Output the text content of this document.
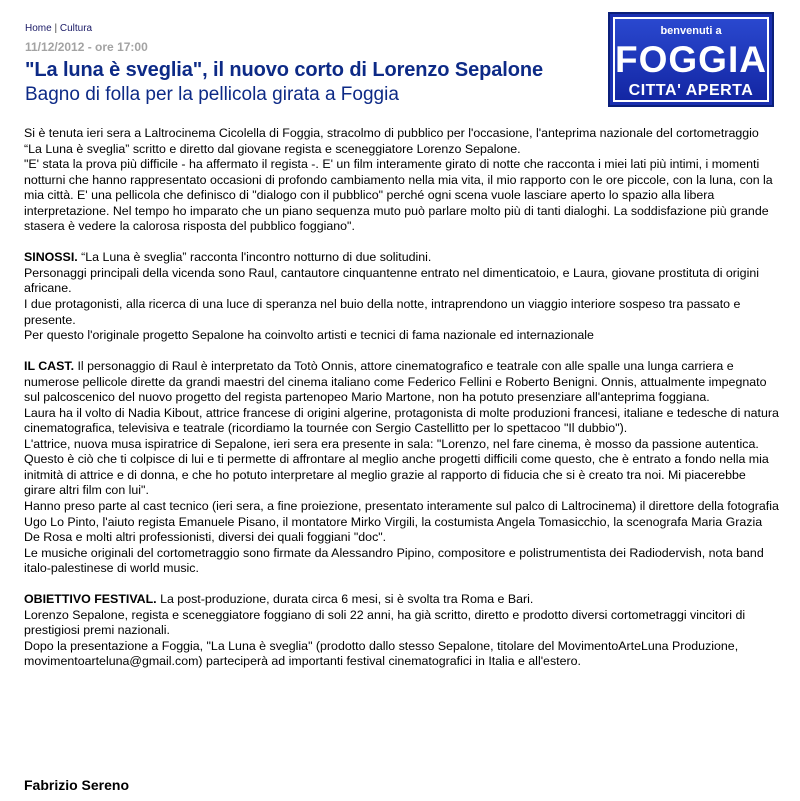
Home | Cultura
11/12/2012 - ore 17:00
"La luna è sveglia", il nuovo corto di Lorenzo Sepalone
Bagno di folla per la pellicola girata a Foggia
benvenuti a
FOGGIA
CITTA' APERTA

Si è tenuta ieri sera a Laltrocinema Cicolella di Foggia, stracolmo di pubblico per l'occasione, l'anteprima nazionale del cortometraggio “La Luna è sveglia” scritto e diretto dal giovane regista e sceneggiatore Lorenzo Sepalone.
"E' stata la prova più difficile - ha affermato il regista -. E' un film interamente girato di notte che racconta i miei lati più intimi, i momenti notturni che hanno rappresentato occasioni di profondo cambiamento nella mia vita, il mio rapporto con le ore piccole, con la luna, con la mia città. E' una pellicola che definisco di "dialogo con il pubblico" perché ogni scena vuole lasciare aperto lo spazio alla libera interpretazione. Nel tempo ho imparato che un piano sequenza muto può parlare molto più di tanti dialoghi. La soddisfazione più grande stasera è vedere la calorosa risposta del pubblico foggiano".

SINOSSI. “La Luna è sveglia” racconta l'incontro notturno di due solitudini.
Personaggi principali della vicenda sono Raul, cantautore cinquantenne entrato nel dimenticatoio, e Laura, giovane prostituta di origini africane.
I due protagonisti, alla ricerca di una luce di speranza nel buio della notte, intraprendono un viaggio interiore sospeso tra passato e presente.
Per questo l'originale progetto Sepalone ha coinvolto artisti e tecnici di fama nazionale ed internazionale

IL CAST. Il personaggio di Raul è interpretato da Totò Onnis, attore cinematografico e teatrale con alle spalle una lunga carriera e numerose pellicole dirette da grandi maestri del cinema italiano come Federico Fellini e Roberto Benigni. Onnis, attualmente impegnato sul palcoscenico del nuovo progetto del regista partenopeo Mario Martone, non ha potuto presenziare all'anteprima foggiana.
Laura ha il volto di Nadia Kibout, attrice francese di origini algerine, protagonista di molte produzioni francesi, italiane e tedesche di natura cinematografica, televisiva e teatrale (ricordiamo la tournée con Sergio Castellitto per lo spettacoo "Il dubbio").
L'attrice, nuova musa ispiratrice di Sepalone, ieri sera era presente in sala: "Lorenzo, nel fare cinema, è mosso da passione autentica. Questo è ciò che ti colpisce di lui e ti permette di affrontare al meglio anche progetti difficili come questo, che è entrato a fondo nella mia initmità di attrice e di donna, e che ho potuto interpretare al meglio grazie al rapporto di fiducia che si è creato tra noi. Mi piacerebbe girare altri film con lui".
Hanno preso parte al cast tecnico (ieri sera, a fine proiezione, presentato interamente sul palco di Laltrocinema) il direttore della fotografia Ugo Lo Pinto, l'aiuto regista Emanuele Pisano, il montatore Mirko Virgili, la costumista Angela Tomasicchio, la scenografa Maria Grazia De Rosa e molti altri professionisti, diversi dei quali foggiani "doc".
Le musiche originali del cortometraggio sono firmate da Alessandro Pipino, compositore e polistrumentista dei Radiodervish, nota band italo-palestinese di world music.

OBIETTIVO FESTIVAL. La post-produzione, durata circa 6 mesi, si è svolta tra Roma e Bari.
Lorenzo Sepalone, regista e sceneggiatore foggiano di soli 22 anni, ha già scritto, diretto e prodotto diversi cortometraggi vincitori di prestigiosi premi nazionali.
Dopo la presentazione a Foggia, "La Luna è sveglia" (prodotto dallo stesso Sepalone, titolare del MovimentoArteLuna Produzione, movimentoarteluna@gmail.com) parteciperà ad importanti festival cinematografici in Italia e all'estero.

Fabrizio Sereno
